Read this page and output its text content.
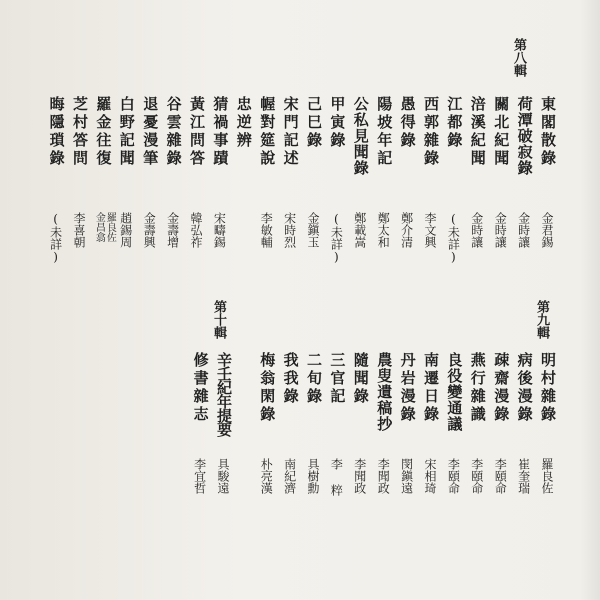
第八輯
東閣散錄
金君錫
荷潭破寂錄
金時讓
關北紀聞
金時讓
涪溪紀聞
金時讓
江都錄
(未詳)
西郭雜錄
李文興
愚得錄
鄭介清
陽坡年記
鄭太和
公私見聞錄
鄭載嵩
甲寅錄
(未詳)
己巳錄
金鎭玉
宋門記述
宋時烈
幄對筵說
李敏輔
忠逆辨
猜禍事蹟
宋疇錫
黃江問答
韓弘祚
谷雲雜錄
金壽增
退憂漫筆
金壽興
白野記聞
趙錫周
羅金往復
羅良佐 金昌翕
芝村答問
李喜朝
晦隱瑣錄
(未詳)
第九輯
明村雜錄
羅良佐
病後漫錄
崔奎瑞
疎齋漫錄
李頤命
燕行雜識
李頤命
良役變通議
李頤命
南遷日錄
宋相琦
丹岩漫錄
閔鎭遠
農叟遺稿抄
李聞政
隨聞錄
李聞政
三官記
李 粹
二旬錄
具樹勳
我我錄
南紀濟
梅翁閑錄
朴亮漢
第十輯
辛壬紀年提要
具駿遠
修書雜志
李宜哲
